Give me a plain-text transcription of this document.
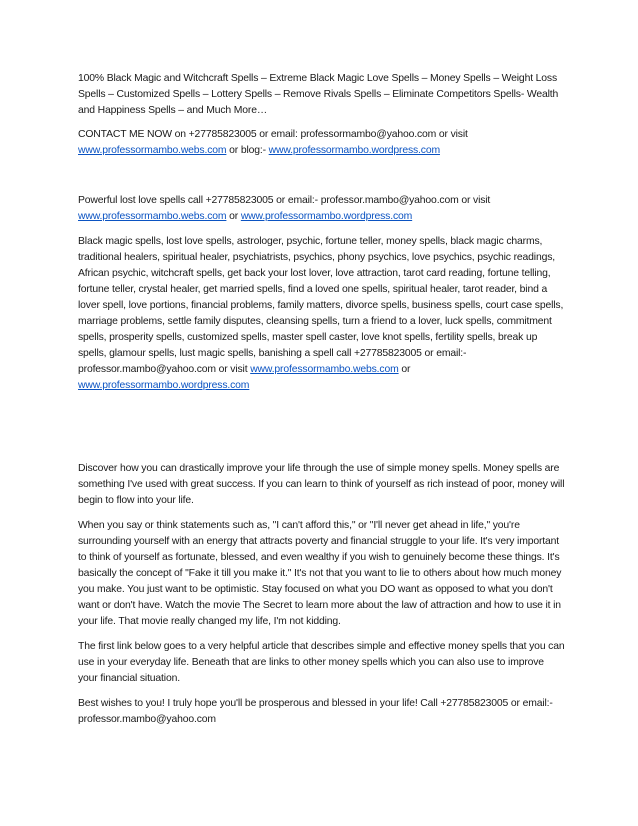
100% Black Magic and Witchcraft Spells – Extreme Black Magic Love Spells – Money Spells – Weight Loss Spells – Customized Spells – Lottery Spells – Remove Rivals Spells – Eliminate Competitors Spells- Wealth and Happiness Spells – and Much More…

CONTACT ME NOW on +27785823005 or email: professormambo@yahoo.com or visit
www.professormambo.webs.com or blog:- www.professormambo.wordpress.com

Powerful lost love spells call +27785823005 or email:- professor.mambo@yahoo.com or visit
www.professormambo.webs.com or www.professormambo.wordpress.com

Black magic spells, lost love spells, astrologer, psychic, fortune teller, money spells, black magic charms, traditional healers, spiritual healer, psychiatrists, psychics, phony psychics, love psychics, psychic readings, African psychic, witchcraft spells, get back your lost lover, love attraction, tarot card reading, fortune telling, fortune teller, crystal healer, get married spells, find a loved one spells, spiritual healer, tarot reader, bind a lover spell, love portions, financial problems, family matters, divorce spells, business spells, court case spells, marriage problems, settle family disputes, cleansing spells, turn a friend to a lover, luck spells, commitment spells, prosperity spells, customized spells, master spell caster, love knot spells, fertility spells, break up spells, glamour spells, lust magic spells, banishing a spell call +27785823005 or email:- professor.mambo@yahoo.com or visit www.professormambo.webs.com or
www.professormambo.wordpress.com

Discover how you can drastically improve your life through the use of simple money spells. Money spells are something I've used with great success. If you can learn to think of yourself as rich instead of poor, money will begin to flow into your life.

When you say or think statements such as, "I can't afford this," or "I'll never get ahead in life," you're surrounding yourself with an energy that attracts poverty and financial struggle to your life. It's very important to think of yourself as fortunate, blessed, and even wealthy if you wish to genuinely become these things. It's basically the concept of "Fake it till you make it." It's not that you want to lie to others about how much money you make. You just want to be optimistic. Stay focused on what you DO want as opposed to what you don't want or don't have. Watch the movie The Secret to learn more about the law of attraction and how to use it in your life. That movie really changed my life, I'm not kidding.

The first link below goes to a very helpful article that describes simple and effective money spells that you can use in your everyday life. Beneath that are links to other money spells which you can also use to improve your financial situation.

Best wishes to you! I truly hope you'll be prosperous and blessed in your life! Call +27785823005 or email:- professor.mambo@yahoo.com
